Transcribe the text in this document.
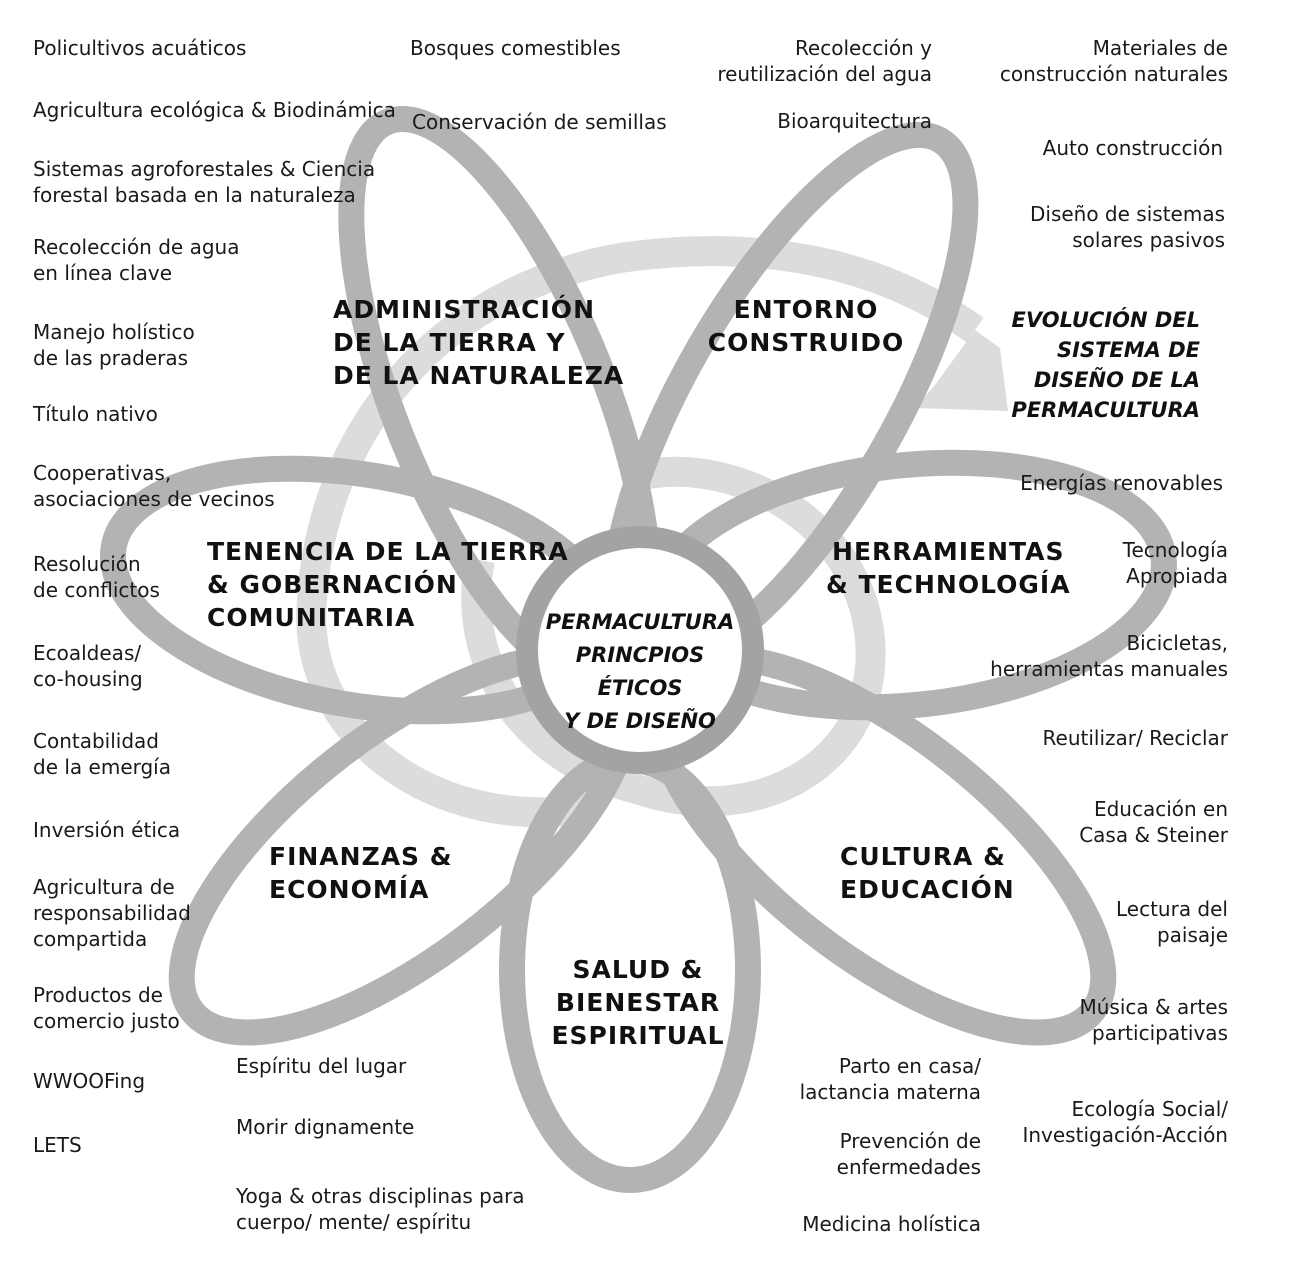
PERMACULTURA
PRINCPIOS ÉTICOS
Y DE DISEÑO
EVOLUCIÓN DEL
SISTEMA DE
DISEÑO DE LA
PERMACULTURA
ADMINISTRACIÓN
DE LA TIERRA Y
DE LA NATURALEZA
ENTORNO
CONSTRUIDO
TENENCIA DE LA TIERRA
& GOBERNACIÓN
COMUNITARIA
HERRAMIENTAS
& TECHNOLOGÍA
FINANZAS &
ECONOMÍA
CULTURA &
EDUCACIÓN
SALUD &
BIENESTAR
ESPIRITUAL
Policultivos acuáticos
Agricultura ecológica & Biodinámica
Sistemas agroforestales & Ciencia
forestal basada en la naturaleza
Recolección de agua
en línea clave
Manejo holístico
de las praderas
Título nativo
Cooperativas,
asociaciones de vecinos
Resolución
de conflictos
Ecoaldeas/
co-housing
Contabilidad
de la emergía
Inversión ética
Agricultura de
responsabilidad
compartida
Productos de
comercio justo
WWOOFing
LETS
Bosques comestibles
Conservación de semillas
Recolección y
reutilización del agua
Bioarquitectura
Materiales de
construcción naturales
Auto construcción
Diseño de sistemas
solares pasivos
Energías renovables
Tecnología
Apropiada
Bicicletas,
herramientas manuales
Reutilizar/ Reciclar
Educación en
Casa & Steiner
Lectura del
paisaje
Música & artes
participativas
Ecología Social/
Investigación-Acción
Espíritu del lugar
Morir dignamente
Yoga & otras disciplinas para
cuerpo/ mente/ espíritu
Parto en casa/
lactancia materna
Prevención de
enfermedades
Medicina holística
